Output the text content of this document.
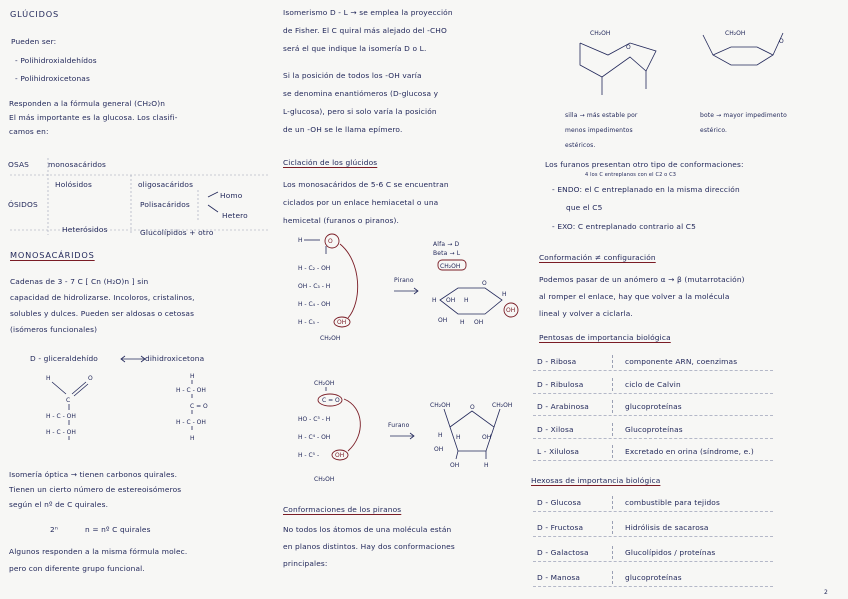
GLÚCIDOS
Pueden ser:
- Polihidroxialdehídos
- Polihidroxicetonas
Responden a la fórmula general (CH₂O)n
El más importante es la glucosa. Los clasifi-
camos en:
OSAS	monosacáridos
ÓSIDOS
Holósidos	oligosacáridos
Polisacáridos
Homo
Hetero
Heterósidos	Glucolípidos + otro
MONOSACÁRIDOS
Cadenas de 3 - 7 C [ Cn (H₂O)n ] sin
capacidad de hidrolizarse. Incoloros, cristalinos,
solubles y dulces. Pueden ser aldosas o cetosas
(isómeros funcionales)
D - gliceraldehído	dihidroxicetona
H	O
C
H - C - OH
H - C - OH
H
H - C - OH
C = O
H - C - OH
H
Isomería óptica → tienen carbonos quirales.
Tienen un cierto número de estereoisómeros
según el nº de C quirales.
2ⁿ	n = nº C quirales
Algunos responden a la misma fórmula molec.
pero con diferente grupo funcional.
Isomerismo D - L → se emplea la proyección
de Fisher. El C quiral más alejado del -CHO
será el que indique la isomería D o L.
Si la posición de todos los -OH varía
se denomina enantiómeros (D-glucosa y
L-glucosa), pero si solo varía la posición
de un -OH se le llama epímero.
Ciclación de los glúcidos
Los monosacáridos de 5-6 C se encuentran
ciclados por un enlace hemiacetal o una
hemicetal (furanos o piranos).
H	O
H - C₂ - OH
OH - C₃ - H
H - C₄ - OH
H - C₅ -	OH
CH₂OH
Pirano
Alfa → D
Beta → L
CH₂OH
O
H OH H
OH H OH
OH
H
CH₂OH
C = O
HO - C³ - H
H - C⁴ - OH
H - C⁵ -	OH
CH₂OH
Furano
CH₂OH	CH₂OH
O
H H	OH
OH
OH	H
Conformaciones de los piranos
No todos los átomos de una molécula están
en planos distintos. Hay dos conformaciones
principales:
CH₂OH
O
CH₂OH
O
silla → más estable por
menos impedimentos
estéricos.
bote → mayor impedimento
estérico.
Los furanos presentan otro tipo de conformaciones:
4 los C entreplanos con el C2 o C3
- ENDO: el C entreplanado en la misma dirección
que el C5
- EXO: C entreplanado contrario al C5
Conformación ≠ configuración
Podemos pasar de un anómero α → β (mutarrotación)
al romper el enlace, hay que volver a la molécula
lineal y volver a ciclarla.
Pentosas de importancia biológica
D - Ribosa	componente ARN, coenzimas
D - Ribulosa	ciclo de Calvin
D - Arabinosa	glucoproteínas
D - Xilosa	Glucoproteínas
L - Xilulosa	Excretado en orina (síndrome, e.)
Hexosas de importancia biológica
D - Glucosa	combustible para tejidos
D - Fructosa	Hidrólisis de sacarosa
D - Galactosa	Glucolípidos / proteínas
D - Manosa	glucoproteínas
2
